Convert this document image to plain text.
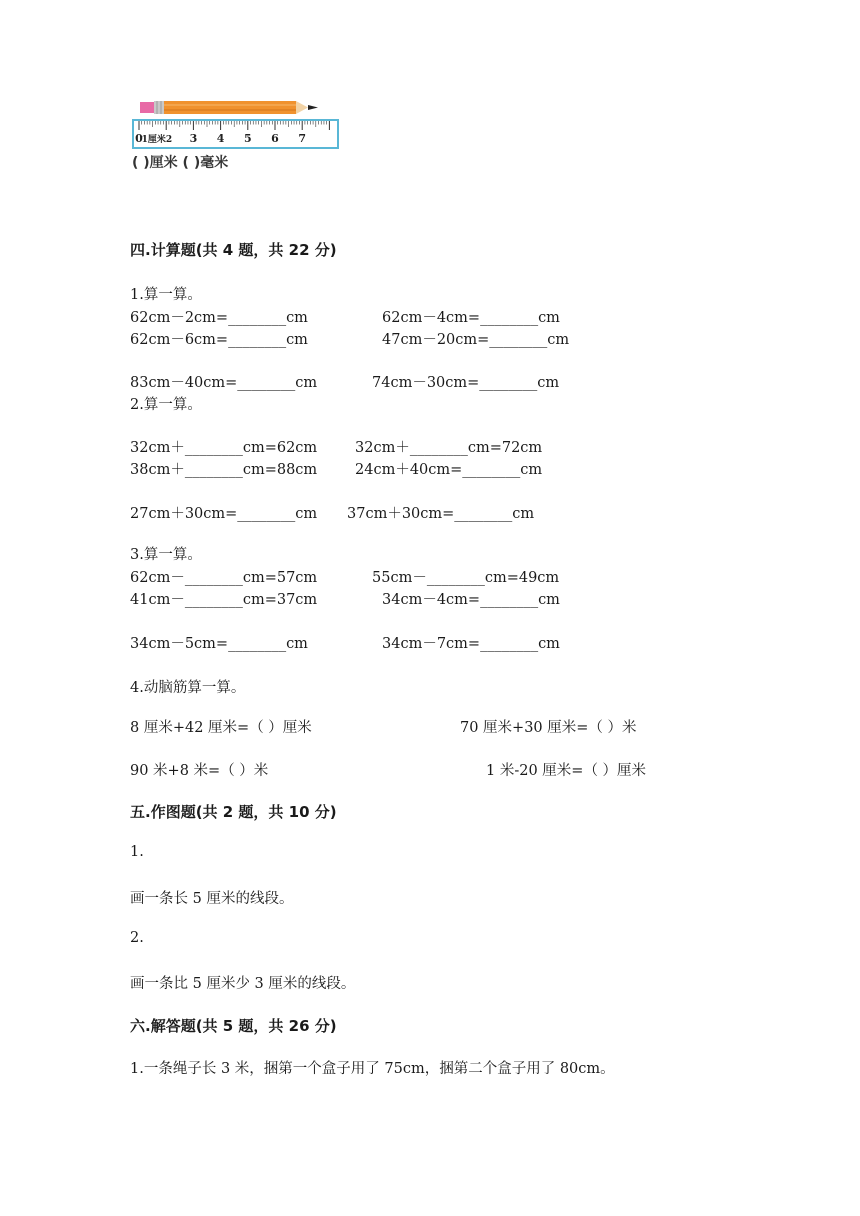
0
1厘米2 3 4 5 6 7
( )厘米 ( )毫米
四.计算题(共 4 题，共 22 分)
1.算一算。
62cm－2cm=________cm	62cm－4cm=________cm
62cm－6cm=________cm	47cm－20cm=________cm
83cm－40cm=________cm	74cm－30cm=________cm
2.算一算。
32cm＋________cm=62cm	32cm＋________cm=72cm
38cm＋________cm=88cm	24cm＋40cm=________cm
27cm＋30cm=________cm 37cm＋30cm=________cm
3.算一算。
62cm－________cm=57cm	55cm－________cm=49cm
41cm－________cm=37cm	34cm－4cm=________cm
34cm－5cm=________cm	34cm－7cm=________cm
4.动脑筋算一算。
8 厘米+42 厘米=（ ）厘米	70 厘米+30 厘米=（ ）米
90 米+8 米=（ ）米	1 米-20 厘米=（ ）厘米
五.作图题(共 2 题，共 10 分)
1.
画一条长 5 厘米的线段。
2.
画一条比 5 厘米少 3 厘米的线段。
六.解答题(共 5 题，共 26 分)
1.一条绳子长 3 米，捆第一个盒子用了 75cm，捆第二个盒子用了 80cm。
